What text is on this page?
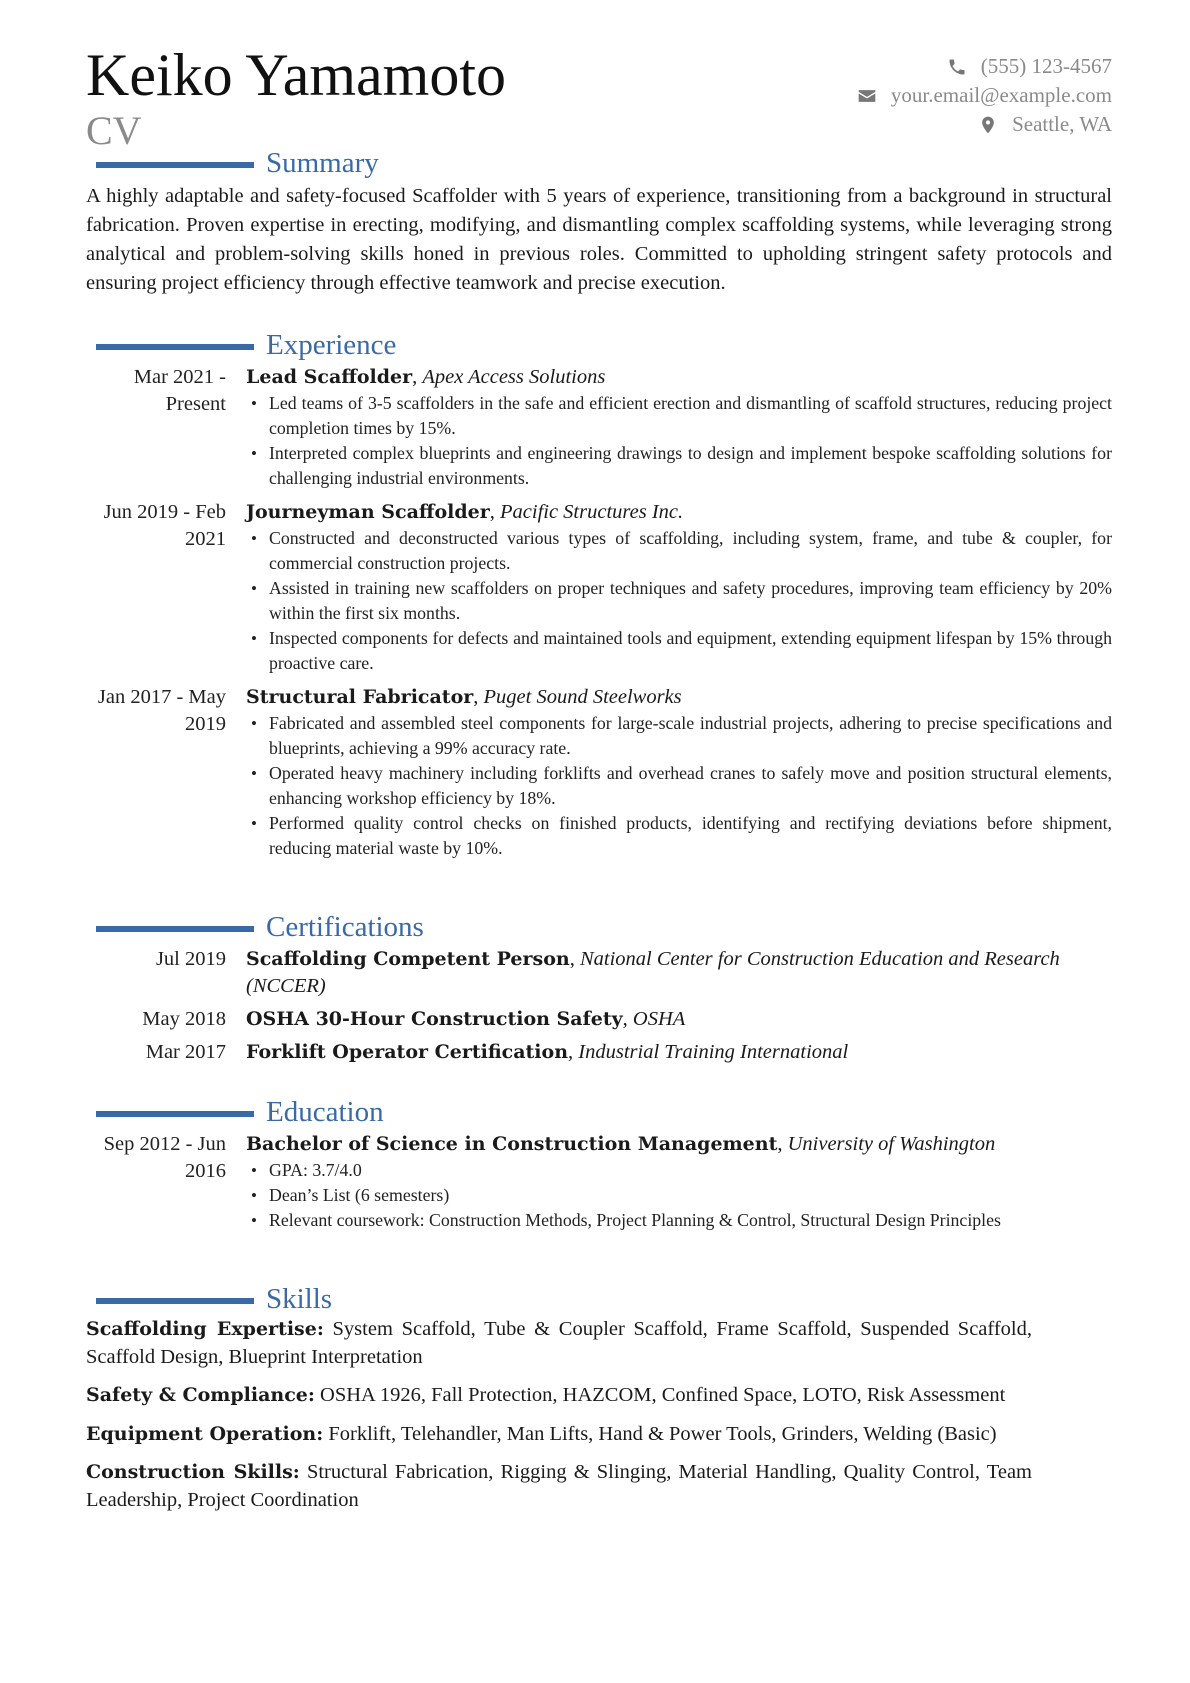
Keiko Yamamoto
CV
(555) 123-4567
your.email@example.com
Seattle, WA
Summary

A highly adaptable and safety-focused Scaffolder with 5 years of experience, transitioning from a background in structural fabrication. Proven expertise in erecting, modifying, and dismantling complex scaffolding systems, while leveraging strong analytical and problem-solving skills honed in previous roles. Committed to upholding stringent safety protocols and ensuring project efficiency through effective teamwork and precise execution.

Experience
Mar 2021 - Present
Lead Scaffolder, Apex Access Solutions
• Led teams of 3-5 scaffolders in the safe and efficient erection and dismantling of scaffold structures, reducing project completion times by 15%.
• Interpreted complex blueprints and engineering drawings to design and implement bespoke scaffolding solutions for challenging industrial environments.
Jun 2019 - Feb 2021
Journeyman Scaffolder, Pacific Structures Inc.
• Constructed and deconstructed various types of scaffolding, including system, frame, and tube & coupler, for commercial construction projects.
• Assisted in training new scaffolders on proper techniques and safety procedures, improving team efficiency by 20% within the first six months.
• Inspected components for defects and maintained tools and equipment, extending equipment lifespan by 15% through proactive care.
Jan 2017 - May 2019
Structural Fabricator, Puget Sound Steelworks
• Fabricated and assembled steel components for large-scale industrial projects, adhering to precise specifications and blueprints, achieving a 99% accuracy rate.
• Operated heavy machinery including forklifts and overhead cranes to safely move and position structural elements, enhancing workshop efficiency by 18%.
• Performed quality control checks on finished products, identifying and rectifying deviations before shipment, reducing material waste by 10%.
Certifications
Jul 2019	Scaffolding Competent Person, National Center for Construction Education and Research (NCCER)
May 2018	OSHA 30-Hour Construction Safety, OSHA
Mar 2017	Forklift Operator Certification, Industrial Training International
Education
Sep 2012 - Jun 2016
Bachelor of Science in Construction Management, University of Washington
• GPA: 3.7/4.0
• Dean’s List (6 semesters)
• Relevant coursework: Construction Methods, Project Planning & Control, Structural Design Principles
Skills

Scaffolding Expertise: System Scaffold, Tube & Coupler Scaffold, Frame Scaffold, Suspended Scaffold, Scaffold Design, Blueprint Interpretation

Safety & Compliance: OSHA 1926, Fall Protection, HAZCOM, Confined Space, LOTO, Risk Assessment

Equipment Operation: Forklift, Telehandler, Man Lifts, Hand & Power Tools, Grinders, Welding (Basic)

Construction Skills: Structural Fabrication, Rigging & Slinging, Material Handling, Quality Control, Team Leadership, Project Coordination
